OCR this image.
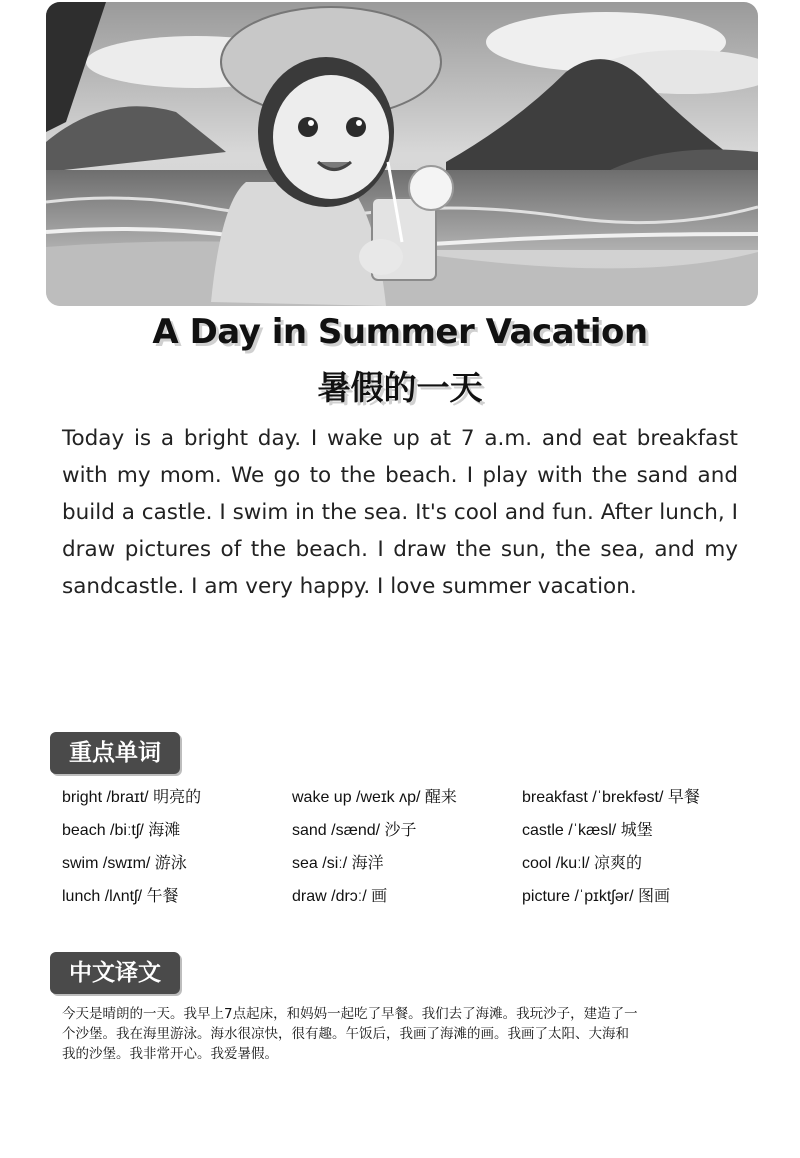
A Day in Summer Vacation
暑假的一天

Today is a bright day. I wake up at 7 a.m. and eat breakfast with my mom. We go to the beach. I play with the sand and build a castle. I swim in the sea. It's cool and fun. After lunch, I draw pictures of the beach. I draw the sun, the sea, and my sandcastle. I am very happy. I love summer vacation.

重点单词
bright /braɪt/ 明亮的	wake up /weɪk ʌp/ 醒来	breakfast /ˈbrekfəst/ 早餐
beach /biːtʃ/ 海滩	sand /sænd/ 沙子	castle /ˈkæsl/ 城堡
swim /swɪm/ 游泳	sea /siː/ 海洋	cool /kuːl/ 凉爽的
lunch /lʌntʃ/ 午餐	draw /drɔː/ 画	picture /ˈpɪktʃər/ 图画
中文译文

今天是晴朗的一天。我早上7点起床，和妈妈一起吃了早餐。我们去了海滩。我玩沙子，建造了一个沙堡。我在海里游泳。海水很凉快，很有趣。午饭后，我画了海滩的画。我画了太阳、大海和我的沙堡。我非常开心。我爱暑假。
